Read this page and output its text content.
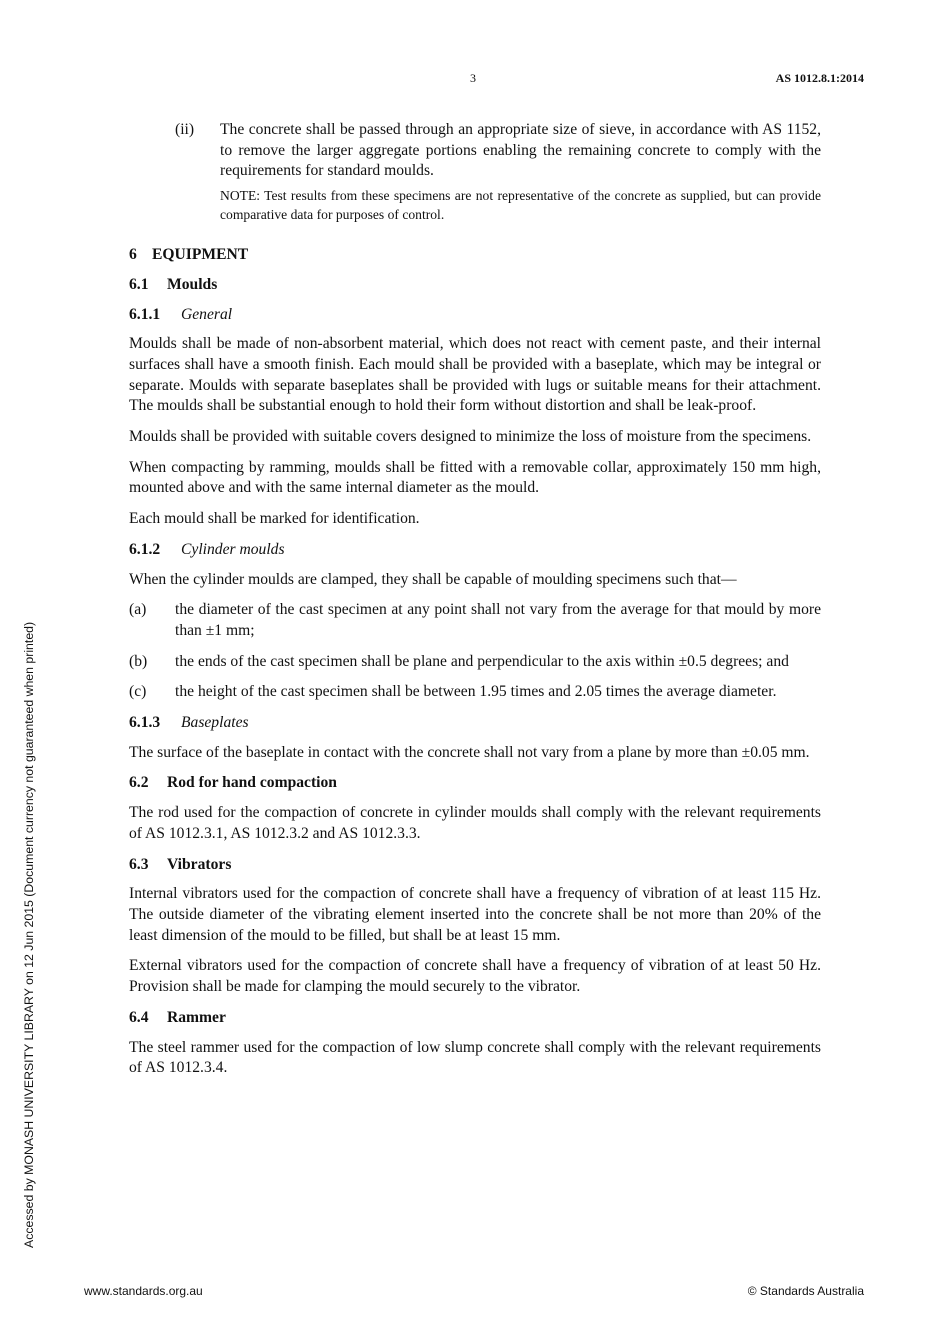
3	AS 1012.8.1:2014
(ii)	The concrete shall be passed through an appropriate size of sieve, in accordance with AS 1152, to remove the larger aggregate portions enabling the remaining concrete to comply with the requirements for standard moulds.
NOTE: Test results from these specimens are not representative of the concrete as supplied, but can provide comparative data for purposes of control.
6 EQUIPMENT
6.1 Moulds
6.1.1 General

Moulds shall be made of non-absorbent material, which does not react with cement paste, and their internal surfaces shall have a smooth finish. Each mould shall be provided with a baseplate, which may be integral or separate. Moulds with separate baseplates shall be provided with lugs or suitable means for their attachment. The moulds shall be substantial enough to hold their form without distortion and shall be leak-proof.

Moulds shall be provided with suitable covers designed to minimize the loss of moisture from the specimens.

When compacting by ramming, moulds shall be fitted with a removable collar, approximately 150 mm high, mounted above and with the same internal diameter as the mould.

Each mould shall be marked for identification.

6.1.2 Cylinder moulds

When the cylinder moulds are clamped, they shall be capable of moulding specimens such that—

(a)	the diameter of the cast specimen at any point shall not vary from the average for that mould by more than ±1 mm;
(b)	the ends of the cast specimen shall be plane and perpendicular to the axis within ±0.5 degrees; and
(c)	the height of the cast specimen shall be between 1.95 times and 2.05 times the average diameter.
6.1.3 Baseplates

The surface of the baseplate in contact with the concrete shall not vary from a plane by more than ±0.05 mm.

6.2 Rod for hand compaction

The rod used for the compaction of concrete in cylinder moulds shall comply with the relevant requirements of AS 1012.3.1, AS 1012.3.2 and AS 1012.3.3.

6.3 Vibrators

Internal vibrators used for the compaction of concrete shall have a frequency of vibration of at least 115 Hz. The outside diameter of the vibrating element inserted into the concrete shall be not more than 20% of the least dimension of the mould to be filled, but shall be at least 15 mm.

External vibrators used for the compaction of concrete shall have a frequency of vibration of at least 50 Hz. Provision shall be made for clamping the mould securely to the vibrator.

6.4 Rammer

The steel rammer used for the compaction of low slump concrete shall comply with the relevant requirements of AS 1012.3.4.

Accessed by MONASH UNIVERSITY LIBRARY on 12 Jun 2015 (Document currency not guaranteed when printed)
www.standards.org.au	© Standards Australia
